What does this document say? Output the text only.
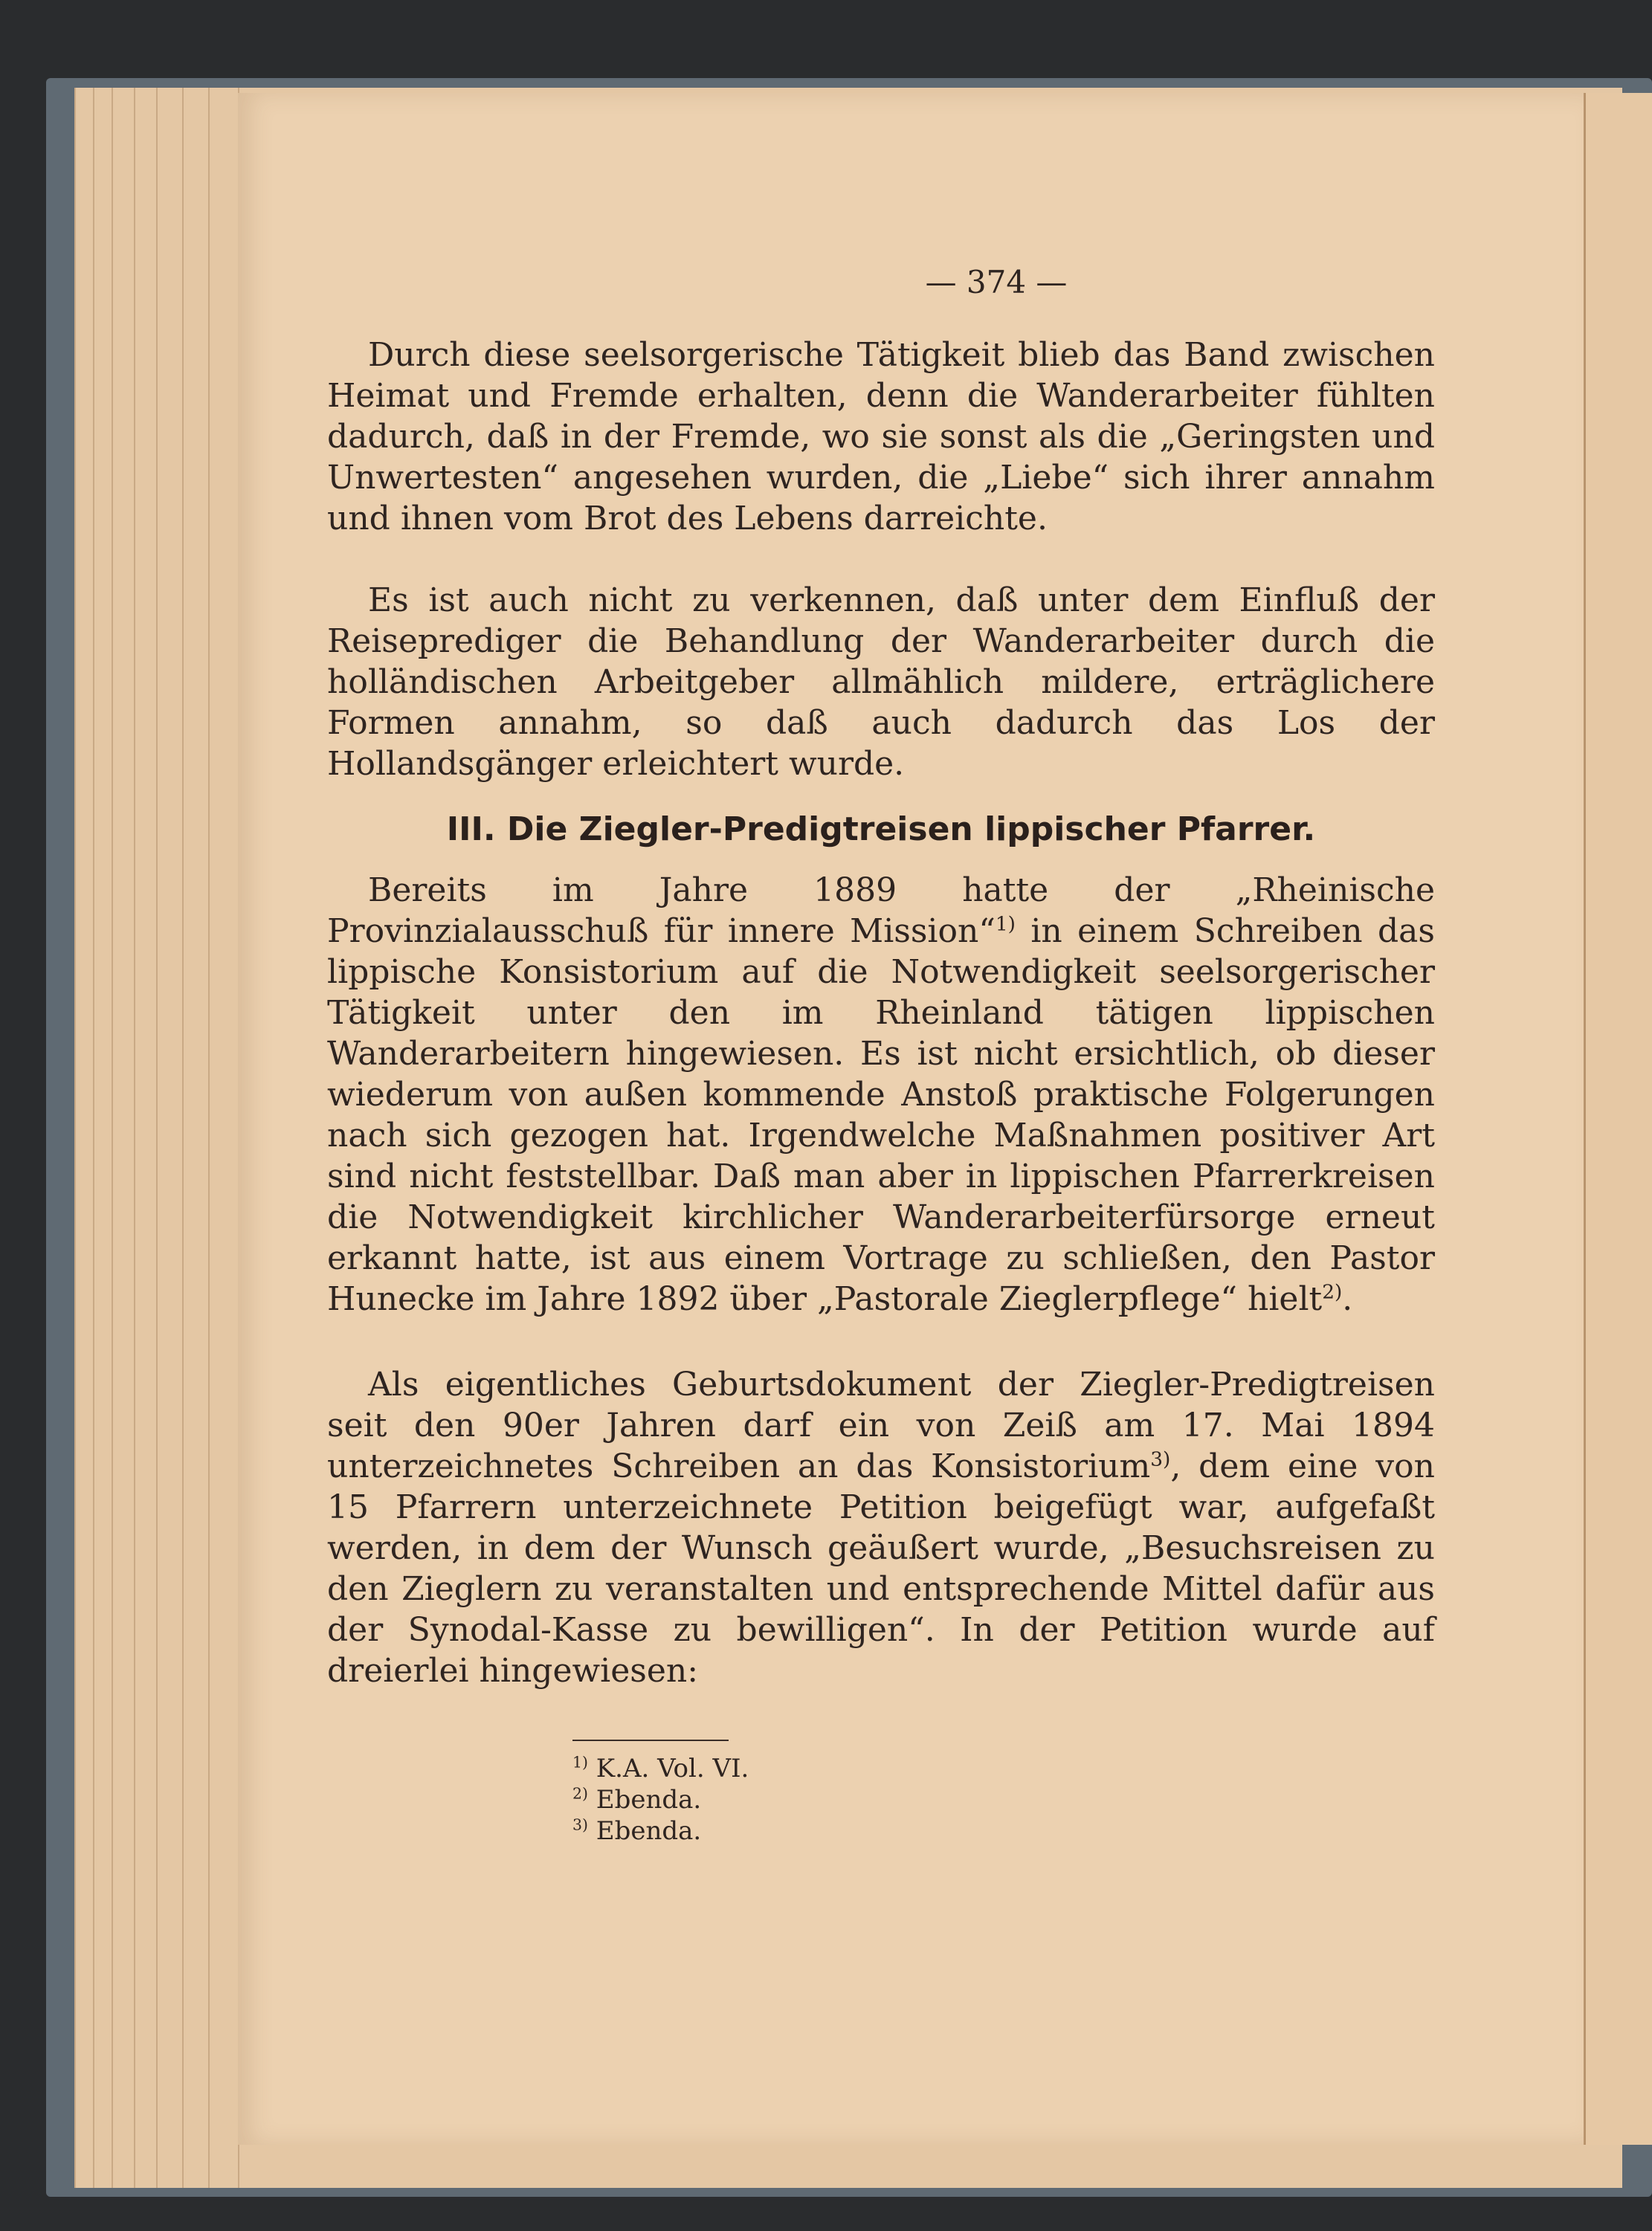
— 374 —

Durch diese seelsorgerische Tätigkeit blieb das Band zwischen Heimat und Fremde erhalten, denn die Wanderarbeiter fühlten dadurch, daß in der Fremde, wo sie sonst als die „Geringsten und Unwertesten“ angesehen wurden, die „Liebe“ sich ihrer annahm und ihnen vom Brot des Lebens darreichte.

Es ist auch nicht zu verkennen, daß unter dem Einfluß der Reiseprediger die Behandlung der Wanderarbeiter durch die holländischen Arbeitgeber allmählich mildere, erträglichere Formen annahm, so daß auch dadurch das Los der Hollandsgänger erleichtert wurde.

III. Die Ziegler-Predigtreisen lippischer Pfarrer.

Bereits im Jahre 1889 hatte der „Rheinische Provinzialausschuß für innere Mission“$^{1)}$ in einem Schreiben das lippische Konsistorium auf die Notwendigkeit seelsorgerischer Tätigkeit unter den im Rheinland tätigen lippischen Wanderarbeitern hingewiesen. Es ist nicht ersichtlich, ob dieser wiederum von außen kommende Anstoß praktische Folgerungen nach sich gezogen hat. Irgendwelche Maßnahmen positiver Art sind nicht feststellbar. Daß man aber in lippischen Pfarrerkreisen die Notwendigkeit kirchlicher Wanderarbeiterfürsorge erneut erkannt hatte, ist aus einem Vortrage zu schließen, den Pastor Hunecke im Jahre 1892 über „Pastorale Zieglerpflege“ hielt$^{2)}$.

Als eigentliches Geburtsdokument der Ziegler-Predigtreisen seit den 90er Jahren darf ein von Zeiß am 17. Mai 1894 unterzeichnetes Schreiben an das Konsistorium$^{3)}$, dem eine von 15 Pfarrern unterzeichnete Petition beigefügt war, aufgefaßt werden, in dem der Wunsch geäußert wurde, „Besuchsreisen zu den Zieglern zu veranstalten und entsprechende Mittel dafür aus der Synodal-Kasse zu bewilligen“. In der Petition wurde auf dreierlei hingewiesen:

$^{1)}$ K.A. Vol. VI.
$^{2)}$ Ebenda.
$^{3)}$ Ebenda.
